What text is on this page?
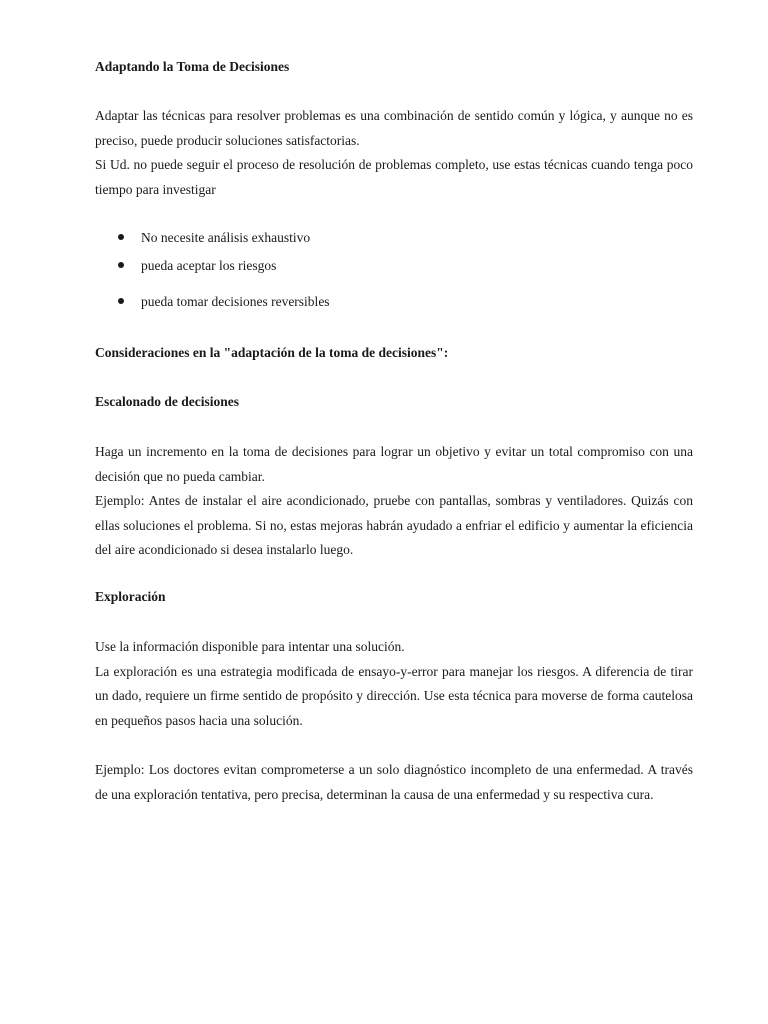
Adaptando la Toma de Decisiones
Adaptar las técnicas para resolver problemas es una combinación de sentido común y lógica, y aunque no es preciso, puede producir soluciones satisfactorias.
Si Ud. no puede seguir el proceso de resolución de problemas completo, use estas técnicas cuando tenga poco tiempo para investigar
No necesite análisis exhaustivo
pueda aceptar los riesgos
pueda tomar decisiones reversibles
Consideraciones en la "adaptación de la toma de decisiones":
Escalonado de decisiones
Haga un incremento en la toma de decisiones para lograr un objetivo y evitar un total compromiso con una decisión que no pueda cambiar.
Ejemplo: Antes de instalar el aire acondicionado, pruebe con pantallas, sombras y ventiladores. Quizás con ellas soluciones el problema. Si no, estas mejoras habrán ayudado a enfriar el edificio y aumentar la eficiencia del aire acondicionado si desea instalarlo luego.
Exploración
Use la información disponible para intentar una solución.
La exploración es una estrategia modificada de ensayo-y-error para manejar los riesgos. A diferencia de tirar un dado, requiere un firme sentido de propósito y dirección. Use esta técnica para moverse de forma cautelosa en pequeños pasos hacia una solución.
Ejemplo: Los doctores evitan comprometerse a un solo diagnóstico incompleto de una enfermedad. A través de una exploración tentativa, pero precisa, determinan la causa de una enfermedad y su respectiva cura.
